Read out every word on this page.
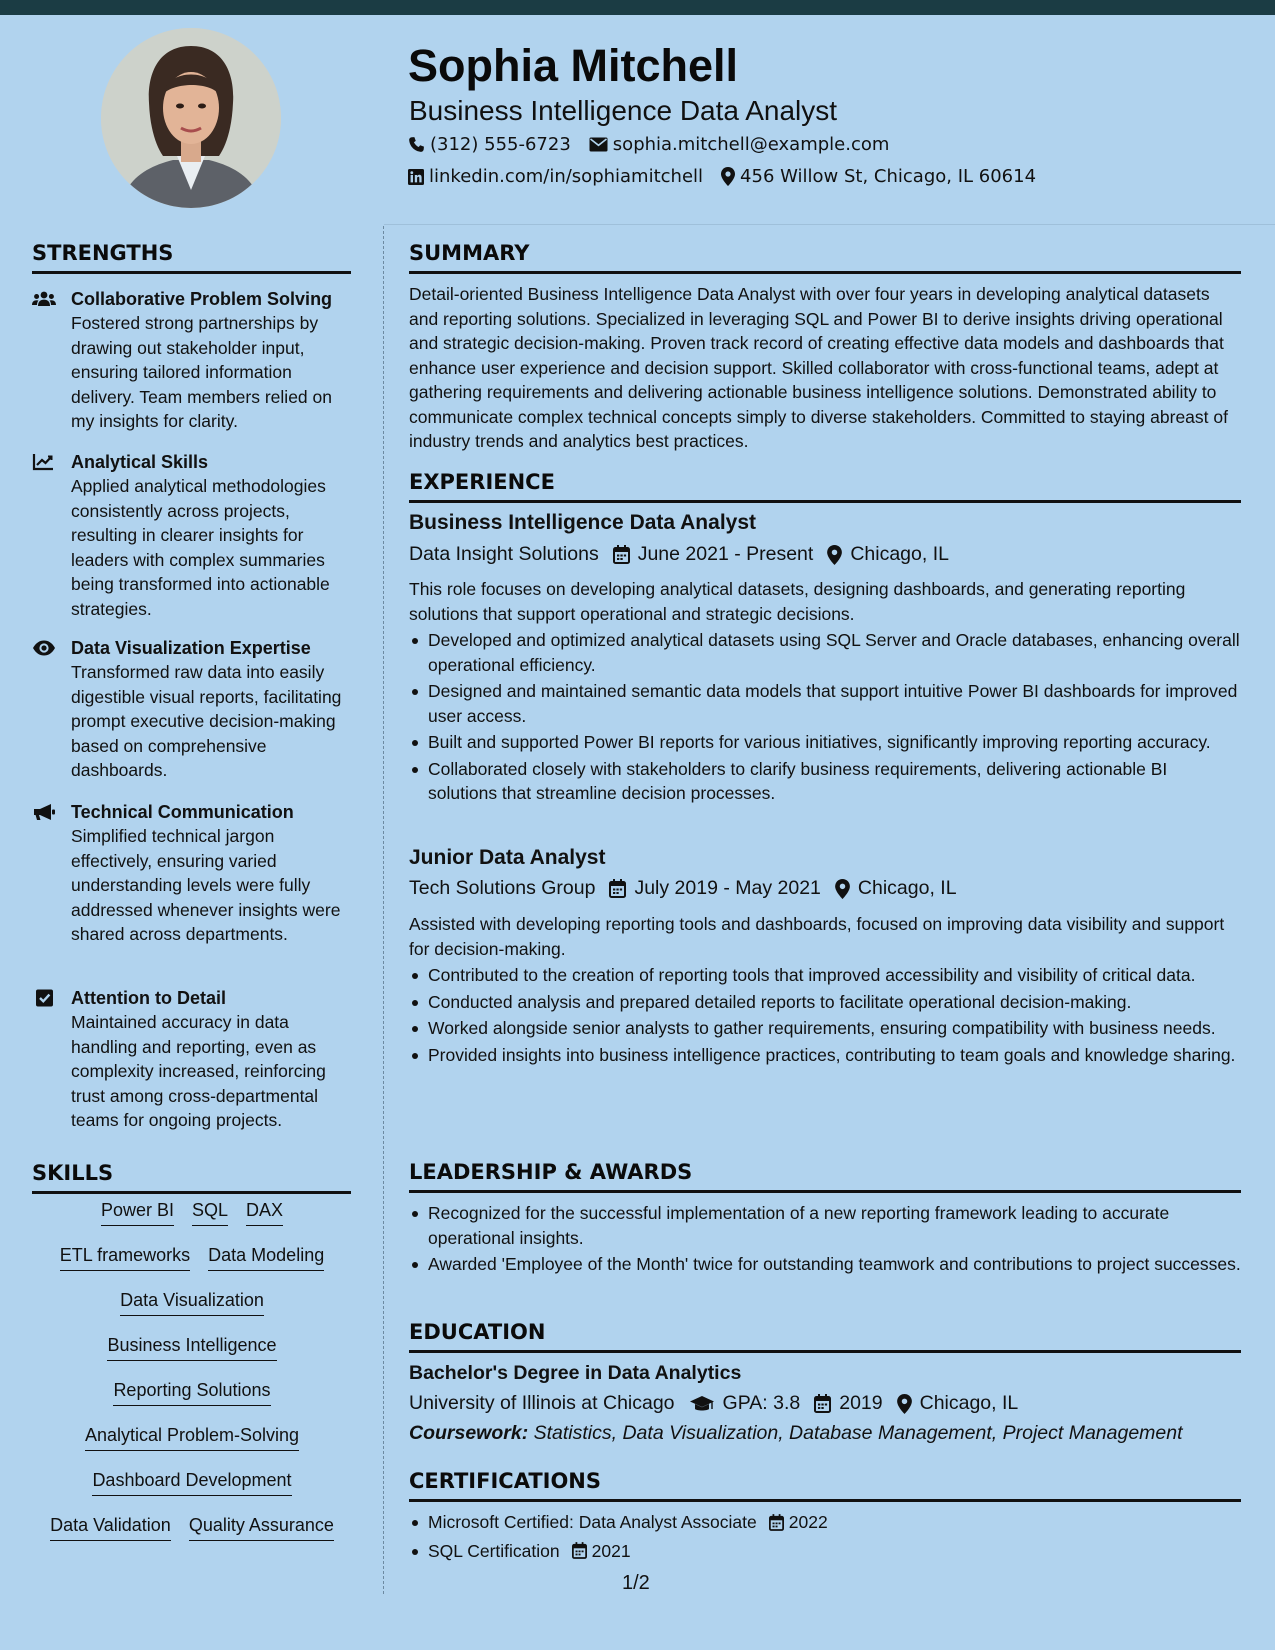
Sophia Mitchell
Business Intelligence Data Analyst
(312) 555-6723 sophia.mitchell@example.com
linkedin.com/in/sophiamitchell 456 Willow St, Chicago, IL 60614
STRENGTHS
Collaborative Problem Solving
Fostered strong partnerships by drawing out stakeholder input, ensuring tailored information delivery. Team members relied on my insights for clarity.
Analytical Skills
Applied analytical methodologies consistently across projects, resulting in clearer insights for leaders with complex summaries being transformed into actionable strategies.
Data Visualization Expertise
Transformed raw data into easily digestible visual reports, facilitating prompt executive decision-making based on comprehensive dashboards.
Technical Communication
Simplified technical jargon effectively, ensuring varied understanding levels were fully addressed whenever insights were shared across departments.
Attention to Detail
Maintained accuracy in data handling and reporting, even as complexity increased, reinforcing trust among cross-departmental teams for ongoing projects.
SKILLS
Power BI SQL DAX
ETL frameworks Data Modeling
Data Visualization
Business Intelligence
Reporting Solutions
Analytical Problem-Solving
Dashboard Development
Data Validation Quality Assurance
SUMMARY
Detail-oriented Business Intelligence Data Analyst with over four years in developing analytical datasets and reporting solutions. Specialized in leveraging SQL and Power BI to derive insights driving operational and strategic decision-making. Proven track record of creating effective data models and dashboards that enhance user experience and decision support. Skilled collaborator with cross-functional teams, adept at gathering requirements and delivering actionable business intelligence solutions. Demonstrated ability to communicate complex technical concepts simply to diverse stakeholders. Committed to staying abreast of industry trends and analytics best practices.
EXPERIENCE
Business Intelligence Data Analyst
Data Insight Solutions June 2021 - Present Chicago, IL
This role focuses on developing analytical datasets, designing dashboards, and generating reporting solutions that support operational and strategic decisions.
Developed and optimized analytical datasets using SQL Server and Oracle databases, enhancing overall operational efficiency.
Designed and maintained semantic data models that support intuitive Power BI dashboards for improved user access.
Built and supported Power BI reports for various initiatives, significantly improving reporting accuracy.
Collaborated closely with stakeholders to clarify business requirements, delivering actionable BI solutions that streamline decision processes.
Junior Data Analyst
Tech Solutions Group July 2019 - May 2021 Chicago, IL
Assisted with developing reporting tools and dashboards, focused on improving data visibility and support for decision-making.
Contributed to the creation of reporting tools that improved accessibility and visibility of critical data.
Conducted analysis and prepared detailed reports to facilitate operational decision-making.
Worked alongside senior analysts to gather requirements, ensuring compatibility with business needs.
Provided insights into business intelligence practices, contributing to team goals and knowledge sharing.
LEADERSHIP & AWARDS
Recognized for the successful implementation of a new reporting framework leading to accurate operational insights.
Awarded 'Employee of the Month' twice for outstanding teamwork and contributions to project successes.
EDUCATION
Bachelor's Degree in Data Analytics
University of Illinois at Chicago GPA: 3.8 2019 Chicago, IL
Coursework: Statistics, Data Visualization, Database Management, Project Management
CERTIFICATIONS
Microsoft Certified: Data Analyst Associate 2022
SQL Certification 2021
1/2
